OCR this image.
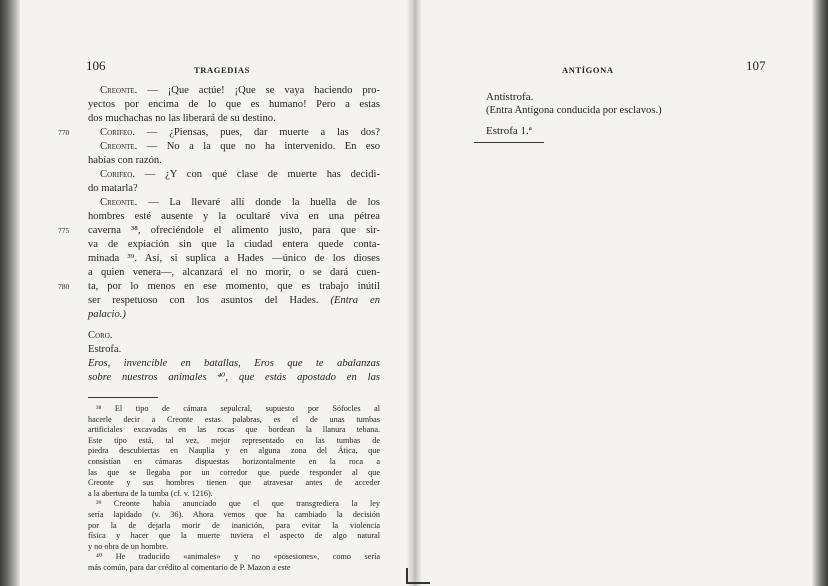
106	TRAGEDIAS
Creonte. — ¡Que actúe! ¡Que se vaya haciendo pro-
yectos por encima de lo que es humano! Pero a estas
dos muchachas no las liberará de su destino.
770	Corifeo. — ¿Piensas, pues, dar muerte a las dos?
Creonte. — No a la que no ha intervenido. En eso
habías con razón.
Corifeo. — ¿Y con qué clase de muerte has decidi-
do matarla?
Creonte. — La llevaré allí donde la huella de los
hombres esté ausente y la ocultaré viva en una pétrea
775 caverna ³⁸, ofreciéndole el alimento justo, para que sir-
va de expiación sin que la ciudad entera quede conta-
minada ³⁹. Así, si suplica a Hades —único de los dioses
a quien venera—, alcanzará el no morir, o se dará cuen-
780 ta, por lo menos en ese momento, que es trabajo inútil
ser respetuoso con los asuntos del Hades. (Entra en
palacio.)

Coro.

Estrofa.

Eros, invencible en batallas, Eros que te abalanzas
sobre nuestros animales ⁴⁰, que estás apostado en las
³⁸ El tipo de cámara sepulcral, supuesto por Sófocles al
hacerle decir a Creonte estas palabras, es el de unas tumbas
artificiales excavadas en las rocas que bordean la llanura tebana.
Este tipo está, tal vez, mejor representado en las tumbas de
piedra descubiertas en Nauplia y en alguna zona del Ática, que
consistían en cámaras dispuestas horizontalmente en la roca a
las que se llegaba por un corredor que puede responder al que
Creonte y sus hombres tienen que atravesar antes de acceder
a la abertura de la tumba (cf. v. 1216).
³⁹ Creonte había anunciado que el que transgrediera la ley
sería lapidado (v. 36). Ahora vemos que ha cambiado la decisión
por la de dejarla morir de inanición, para evitar la violencia
física y hacer que la muerte tuviera el aspecto de algo natural
y no obra de un hombre.
⁴⁰ He traducido «animales» y no «posesiones», como sería
más común, para dar crédito al comentario de P. Mazon a este
ANTÍGONA	107

Antístrofa.

(Entra Antígona conducida por esclavos.)

Estrofa 1.ª
